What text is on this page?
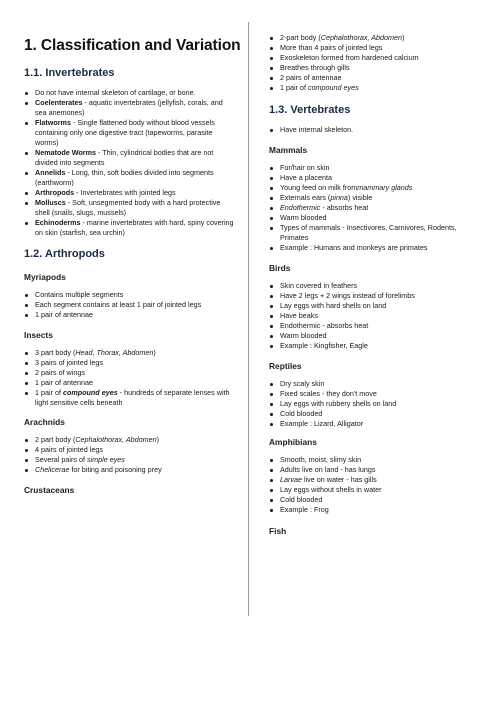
1. Classification and Variation
1.1. Invertebrates
Do not have internal skeleton of cartilage, or bone.
Coelenterates - aquatic invertebrates (jellyfish, corals, and sea anemones)
Flatworms - Single flattened body without blood vessels containing only one digestive tract (tapeworms, parasite worms)
Nematode Worms - Thin, cylindrical bodies that are not divided into segments
Annelids - Long, thin, soft bodies divided into segments (earthworm)
Arthropods - Invertebrates with jointed legs
Molluscs - Soft, unsegmented body with a hard protective shell (snails, slugs, mussels)
Echinoderms - marine invertebrates with hard, spiny covering on skin (starfish, sea urchin)
1.2. Arthropods
Myriapods
Contains multiple segments
Each segment contains at least 1 pair of jointed legs
1 pair of antennae
Insects
3 part body (Head, Thorax, Abdomen)
3 pairs of jointed legs
2 pairs of wings
1 pair of antennae
1 pair of compound eyes - hundreds of separate lenses with light sensitive cells beneath
Arachnids
2 part body (Cephalothorax, Abdomen)
4 pairs of jointed legs
Several pairs of simple eyes
Chelicerae for biting and poisoning prey
Crustaceans
2-part body (Cephalothorax, Abdomen)
More than 4 pairs of jointed legs
Exoskeleton formed from hardened calcium
Breathes through gills
2 pairs of antennae
1 pair of compound eyes
1.3. Vertebrates
Have internal skeleton.
Mammals
Fur/hair on skin
Have a placenta
Young feed on milk frommammary glands
Externals ears (pinna) visible
Endothermic - absorbs heat
Warm blooded
Types of mammals - Insectivores, Carnivores, Rodents, Primates
Example : Humans and monkeys are primates
Birds
Skin covered in feathers
Have 2 legs + 2 wings instead of forelimbs
Lay eggs with hard shells on land
Have beaks
Endothermic - absorbs heat
Warm blooded
Example : Kingfisher, Eagle
Reptiles
Dry scaly skin
Fixed scales - they don't move
Lay eggs with rubbery shells on land
Cold blooded
Example : Lizard, Alligator
Amphibians
Smooth, moist, slimy skin
Adults live on land - has lungs
Larvae live on water - has gills
Lay eggs without shells in water
Cold blooded
Example : Frog
Fish
